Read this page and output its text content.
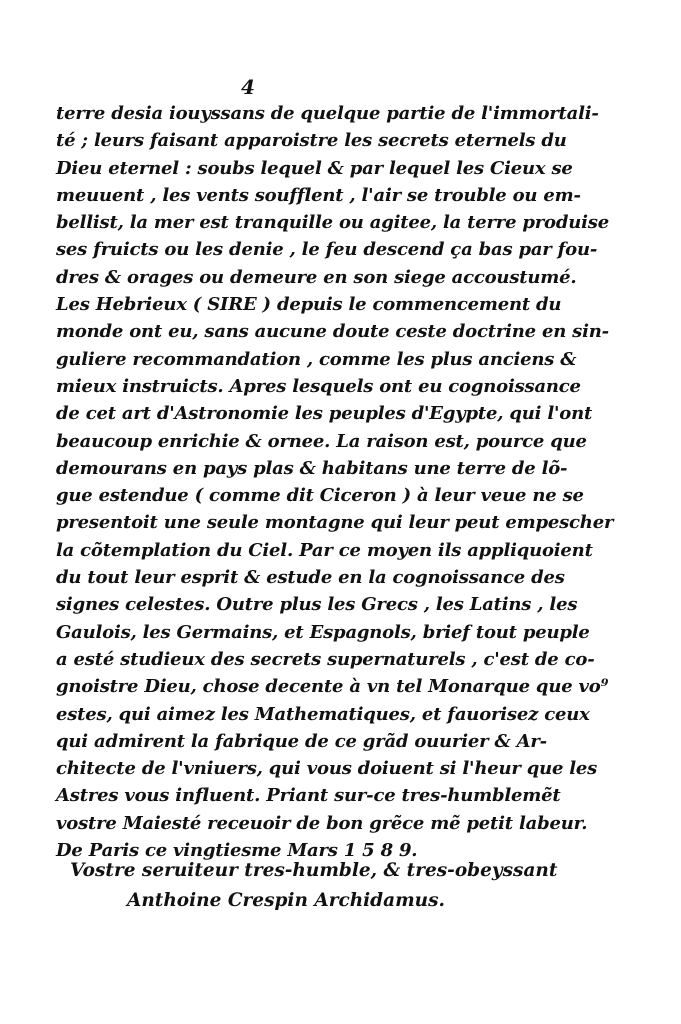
4
terre desia iouyssans de quelque partie de l'immortali-
té ; leurs faisant apparoistre les secrets eternels du
Dieu eternel : soubs lequel & par lequel les Cieux se
meuuent , les vents soufflent , l'air se trouble ou em-
bellist, la mer est tranquille ou agitee, la terre produise
ses fruicts ou les denie , le feu descend ça bas par fou-
dres & orages ou demeure en son siege accoustumé.
Les Hebrieux ( SIRE ) depuis le commencement du
monde ont eu, sans aucune doute ceste doctrine en sin-
guliere recommandation , comme les plus anciens &
mieux instruicts. Apres lesquels ont eu cognoissance
de cet art d'Astronomie les peuples d'Egypte, qui l'ont
beaucoup enrichie & ornee. La raison est, pource que
demourans en pays plas & habitans une terre de lõ-
gue estendue ( comme dit Ciceron ) à leur veue ne se
presentoit une seule montagne qui leur peut empescher
la cõtemplation du Ciel. Par ce moyen ils appliquoient
du tout leur esprit & estude en la cognoissance des
signes celestes. Outre plus les Grecs , les Latins , les
Gaulois, les Germains, et Espagnols, brief tout peuple
a esté studieux des secrets supernaturels , c'est de co-
gnoistre Dieu, chose decente à vn tel Monarque que vo⁹
estes, qui aimez les Mathematiques, et fauorisez ceux
qui admirent la fabrique de ce grãd ouurier & Ar-
chitecte de l'vniuers, qui vous doiuent si l'heur que les
Astres vous influent. Priant sur-ce tres-humblemẽt
vostre Maiesté receuoir de bon grẽce mẽ petit labeur.
De Paris ce vingtiesme Mars 1 5 8 9.
Vostre seruiteur tres-humble, & tres-obeyssant
Anthoine Crespin Archidamus.
